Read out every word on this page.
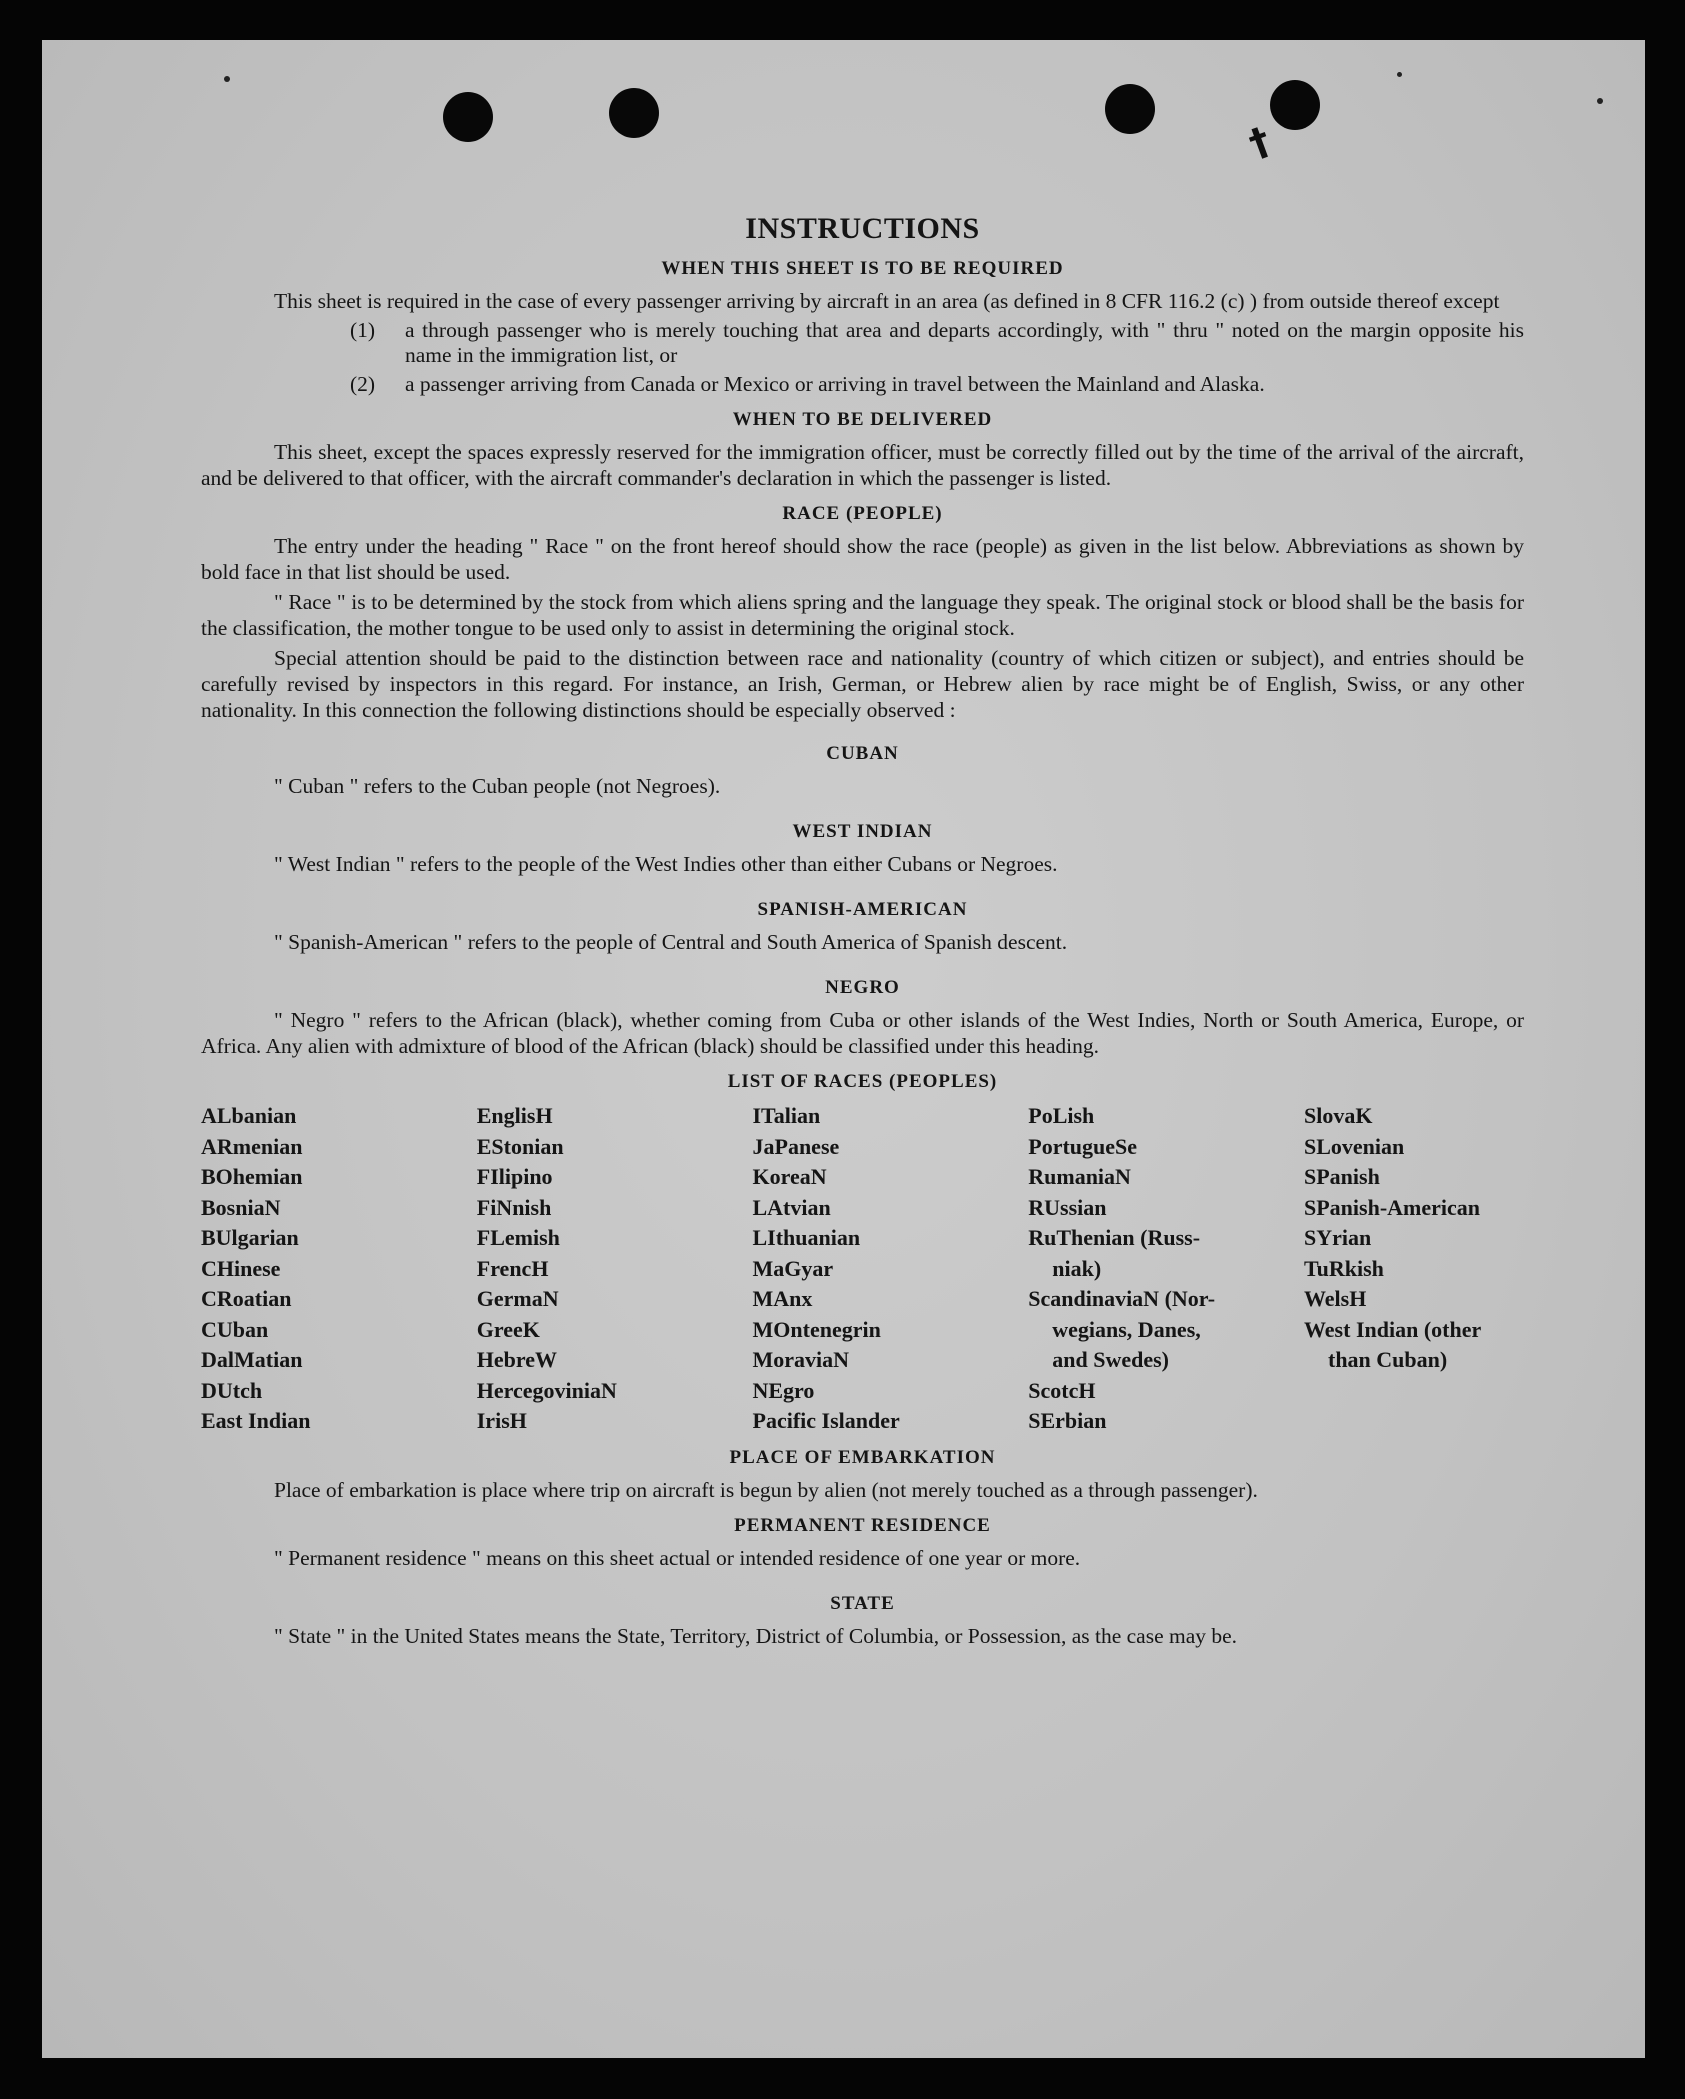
†
INSTRUCTIONS
WHEN THIS SHEET IS TO BE REQUIRED

This sheet is required in the case of every passenger arriving by aircraft in an area (as defined in 8 CFR 116.2 (c) ) from outside thereof except

(1)	a through passenger who is merely touching that area and departs accordingly, with " thru " noted on the margin opposite his name in the immigration list, or
(2)	a passenger arriving from Canada or Mexico or arriving in travel between the Mainland and Alaska.
WHEN TO BE DELIVERED

This sheet, except the spaces expressly reserved for the immigration officer, must be correctly filled out by the time of the arrival of the aircraft, and be delivered to that officer, with the aircraft commander's declaration in which the passenger is listed.

RACE (PEOPLE)

The entry under the heading " Race " on the front hereof should show the race (people) as given in the list below. Abbreviations as shown by bold face in that list should be used.

" Race " is to be determined by the stock from which aliens spring and the language they speak. The original stock or blood shall be the basis for the classification, the mother tongue to be used only to assist in determining the original stock.

Special attention should be paid to the distinction between race and nationality (country of which citizen or subject), and entries should be carefully revised by inspectors in this regard. For instance, an Irish, German, or Hebrew alien by race might be of English, Swiss, or any other nationality. In this connection the following distinctions should be especially observed :

CUBAN

" Cuban " refers to the Cuban people (not Negroes).

WEST INDIAN

" West Indian " refers to the people of the West Indies other than either Cubans or Negroes.

SPANISH-AMERICAN

" Spanish-American " refers to the people of Central and South America of Spanish descent.

NEGRO

" Negro " refers to the African (black), whether coming from Cuba or other islands of the West Indies, North or South America, Europe, or Africa. Any alien with admixture of blood of the African (black) should be classified under this heading.

LIST OF RACES (PEOPLES)
ALbanian
ARmenian
BOhemian
BosniaN
BUlgarian
CHinese
CRoatian
CUban
DalMatian
DUtch
East Indian
EnglisH
EStonian
FIlipino
FiNnish
FLemish
FrencH
GermaN
GreeK
HebreW
HercegoviniaN
IrisH
ITalian
JaPanese
KoreaN
LAtvian
LIthuanian
MaGyar
MAnx
MOntenegrin
MoraviaN
NEgro
Pacific Islander
PoLish
PortugueSe
RumaniaN
RUssian
RuThenian (Russ-
niak)
ScandinaviaN (Nor-
wegians, Danes,
and Swedes)
ScotcH
SErbian
SlovaK
SLovenian
SPanish
SPanish-American
SYrian
TuRkish
WelsH
West Indian (other
than Cuban)
PLACE OF EMBARKATION

Place of embarkation is place where trip on aircraft is begun by alien (not merely touched as a through passenger).

PERMANENT RESIDENCE

" Permanent residence " means on this sheet actual or intended residence of one year or more.

STATE

" State " in the United States means the State, Territory, District of Columbia, or Possession, as the case may be.
